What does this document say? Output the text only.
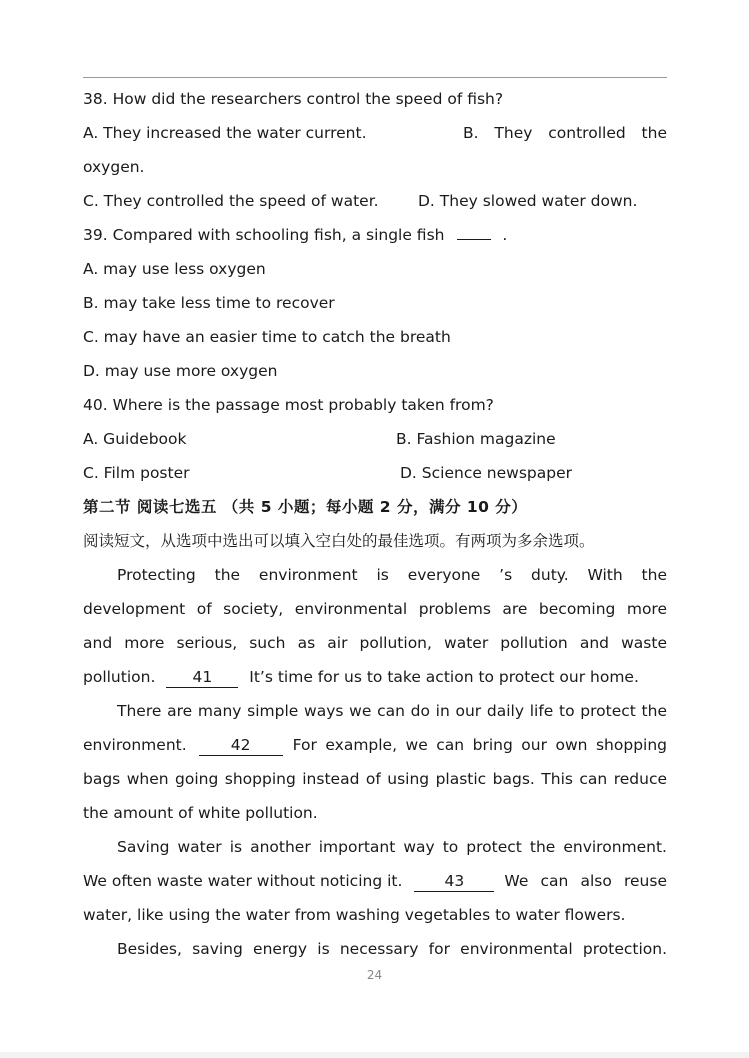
38. How did the researchers control the speed of fish?
A. They increased the water current.	B. They controlled the
oxygen.
C. They controlled the speed of water.	D. They slowed water down.
39. Compared with schooling fish, a single fish	.
A. may use less oxygen
B. may take less time to recover
C. may have an easier time to catch the breath
D. may use more oxygen
40. Where is the passage most probably taken from?
A. Guidebook	B. Fashion magazine
C. Film poster	D. Science newspaper
第二节 阅读七选五 （共 5 小题；每小题 2 分，满分 10 分）
阅读短文，从选项中选出可以填入空白处的最佳选项。有两项为多余选项。
Protecting the environment is everyone ’s duty. With the
development of society, environmental problems are becoming more
and more serious, such as air pollution, water pollution and waste
pollution. 41 It’s time for us to take action to protect our home.
There are many simple ways we can do in our daily life to protect the
environment.	42	For example, we can bring our own shopping
bags when going shopping instead of using plastic bags. This can reduce
the amount of white pollution.
Saving water is another important way to protect the environment.
We often waste water without noticing it.	43	We can also reuse
water, like using the water from washing vegetables to water flowers.
Besides, saving energy is necessary for environmental protection.
24
